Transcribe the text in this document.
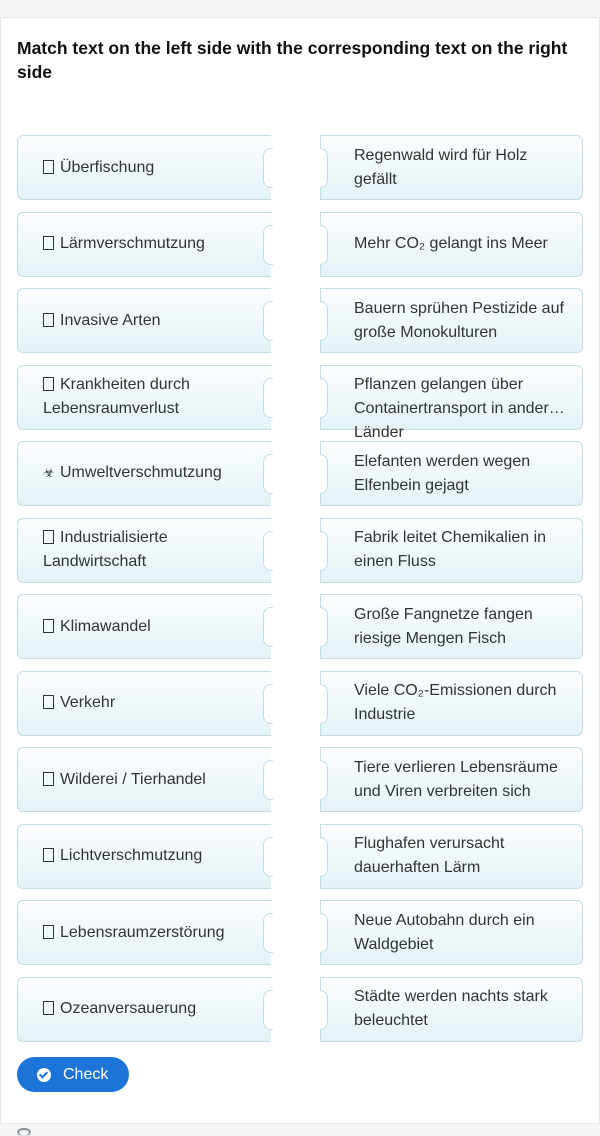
Match text on the left side with the corresponding text on the right side
Überfischung
Lärmverschmutzung
Invasive Arten
Krankheiten durch Lebensraumverlust
☣ Umweltverschmutzung
Industrialisierte Landwirtschaft
Klimawandel
Verkehr
Wilderei / Tierhandel
Lichtverschmutzung
Lebensraumzerstörung
Ozeanversauerung
Regenwald wird für Holz gefällt
Mehr CO₂ gelangt ins Meer
Bauern sprühen Pestizide auf große Monokulturen
Pflanzen gelangen über Containertransport in andere Länder
Elefanten werden wegen Elfenbein gejagt
Fabrik leitet Chemikalien in einen Fluss
Große Fangnetze fangen riesige Mengen Fisch
Viele CO₂-Emissionen durch Industrie
Tiere verlieren Lebensräume und Viren verbreiten sich
Flughafen verursacht dauerhaften Lärm
Neue Autobahn durch ein Waldgebiet
Städte werden nachts stark beleuchtet
Check
